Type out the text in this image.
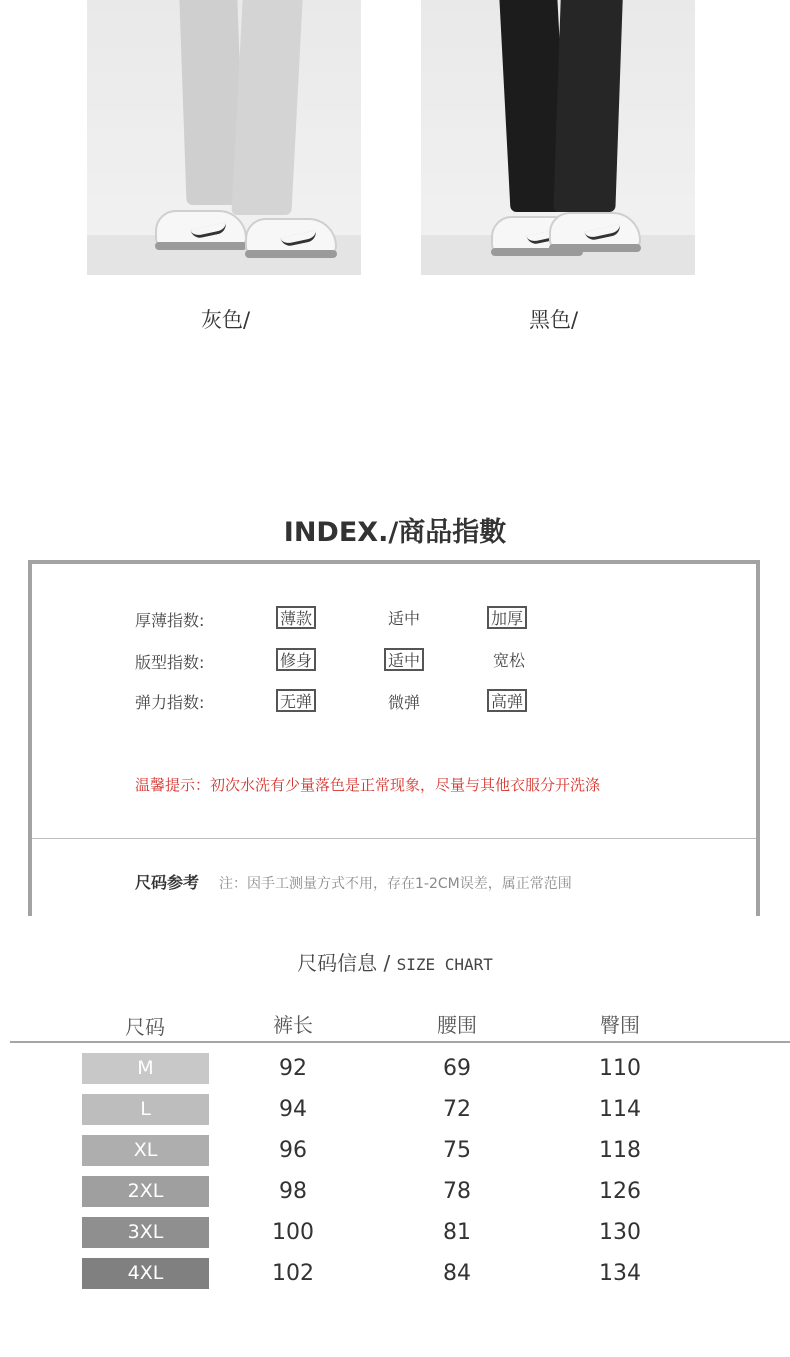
灰色/	黑色/
INDEX./商品指數
厚薄指数:	薄款	适中	加厚
版型指数:	修身	适中	宽松
弹力指数:	无弹	微弹	高弹
温馨提示：初次水洗有少量落色是正常现象，尽量与其他衣服分开洗涤
尺码参考 注：因手工测量方式不用，存在1-2CM误差，属正常范围
尺码信息 / SIZE CHART
尺码	裤长	腰围	臀围
M	92	69	110
L	94	72	114
XL	96	75	118
2XL	98	78	126
3XL	100	81	130
4XL	102	84	134
